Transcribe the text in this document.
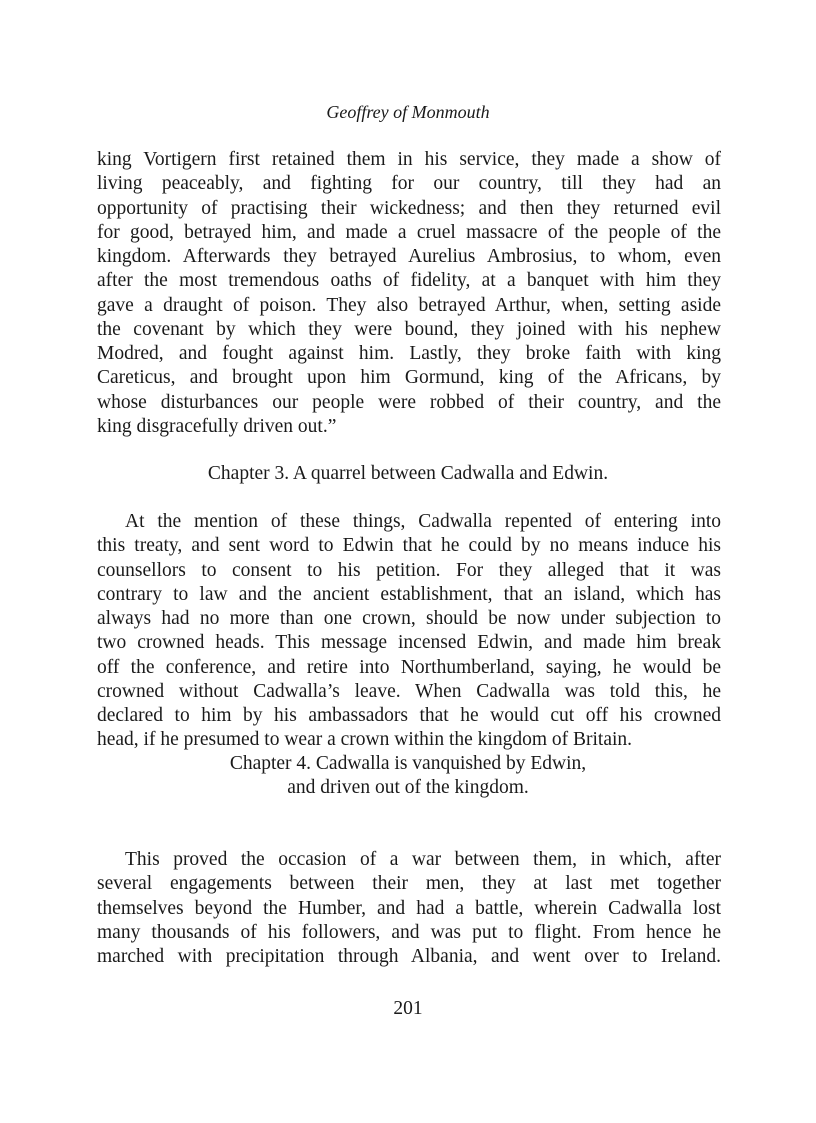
Geoffrey of Monmouth
king Vortigern first retained them in his service, they made a show of
living peaceably, and fighting for our country, till they had an
opportunity of practising their wickedness; and then they returned evil
for good, betrayed him, and made a cruel massacre of the people of the
kingdom. Afterwards they betrayed Aurelius Ambrosius, to whom, even
after the most tremendous oaths of fidelity, at a banquet with him they
gave a draught of poison. They also betrayed Arthur, when, setting aside
the covenant by which they were bound, they joined with his nephew
Modred, and fought against him. Lastly, they broke faith with king
Careticus, and brought upon him Gormund, king of the Africans, by
whose disturbances our people were robbed of their country, and the
king disgracefully driven out.”
Chapter 3. A quarrel between Cadwalla and Edwin.
At the mention of these things, Cadwalla repented of entering into
this treaty, and sent word to Edwin that he could by no means induce his
counsellors to consent to his petition. For they alleged that it was
contrary to law and the ancient establishment, that an island, which has
always had no more than one crown, should be now under subjection to
two crowned heads. This message incensed Edwin, and made him break
off the conference, and retire into Northumberland, saying, he would be
crowned without Cadwalla’s leave. When Cadwalla was told this, he
declared to him by his ambassadors that he would cut off his crowned
head, if he presumed to wear a crown within the kingdom of Britain.
Chapter 4. Cadwalla is vanquished by Edwin,
and driven out of the kingdom.
This proved the occasion of a war between them, in which, after
several engagements between their men, they at last met together
themselves beyond the Humber, and had a battle, wherein Cadwalla lost
many thousands of his followers, and was put to flight. From hence he
marched with precipitation through Albania, and went over to Ireland.
201
